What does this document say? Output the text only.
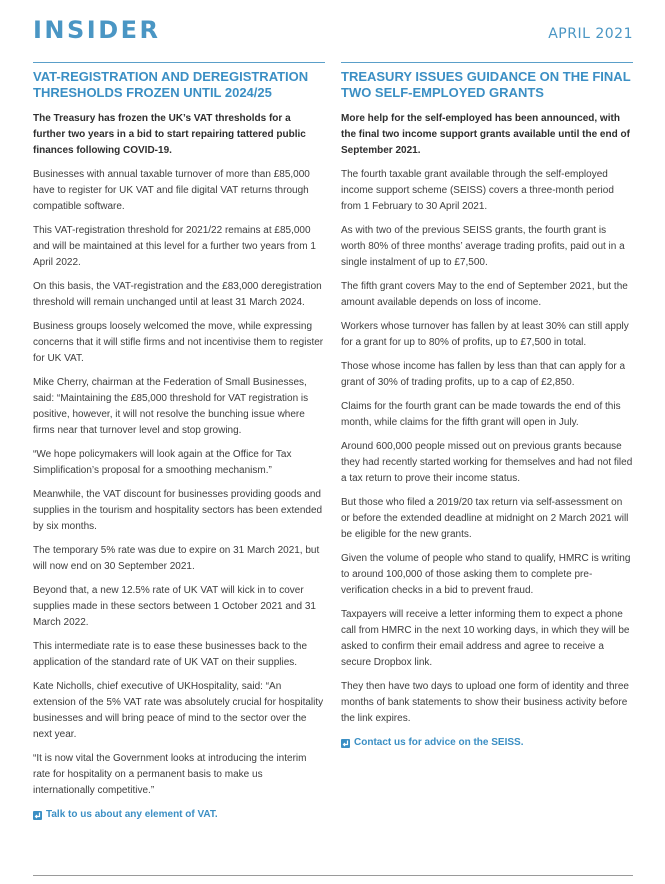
INSIDER	APRIL 2021
VAT-REGISTRATION AND DEREGISTRATION THRESHOLDS FROZEN UNTIL 2024/25

The Treasury has frozen the UK’s VAT thresholds for a further two years in a bid to start repairing tattered public finances following COVID-19.

Businesses with annual taxable turnover of more than £85,000 have to register for UK VAT and file digital VAT returns through compatible software.

This VAT-registration threshold for 2021/22 remains at £85,000 and will be maintained at this level for a further two years from 1 April 2022.

On this basis, the VAT-registration and the £83,000 deregistration threshold will remain unchanged until at least 31 March 2024.

Business groups loosely welcomed the move, while expressing concerns that it will stifle firms and not incentivise them to register for UK VAT.

Mike Cherry, chairman at the Federation of Small Businesses, said: “Maintaining the £85,000 threshold for VAT registration is positive, however, it will not resolve the bunching issue where firms near that turnover level and stop growing.

“We hope policymakers will look again at the Office for Tax Simplification’s proposal for a smoothing mechanism.”

Meanwhile, the VAT discount for businesses providing goods and supplies in the tourism and hospitality sectors has been extended by six months.

The temporary 5% rate was due to expire on 31 March 2021, but will now end on 30 September 2021.

Beyond that, a new 12.5% rate of UK VAT will kick in to cover supplies made in these sectors between 1 October 2021 and 31 March 2022.

This intermediate rate is to ease these businesses back to the application of the standard rate of UK VAT on their supplies.

Kate Nicholls, chief executive of UKHospitality, said: “An extension of the 5% VAT rate was absolutely crucial for hospitality businesses and will bring peace of mind to the sector over the next year.

“It is now vital the Government looks at introducing the interim rate for hospitality on a permanent basis to make us internationally competitive.”

Talk to us about any element of VAT.
TREASURY ISSUES GUIDANCE ON THE FINAL TWO SELF-EMPLOYED GRANTS

More help for the self-employed has been announced, with the final two income support grants available until the end of September 2021.

The fourth taxable grant available through the self-employed income support scheme (SEISS) covers a three-month period from 1 February to 30 April 2021.

As with two of the previous SEISS grants, the fourth grant is worth 80% of three months’ average trading profits, paid out in a single instalment of up to £7,500.

The fifth grant covers May to the end of September 2021, but the amount available depends on loss of income.

Workers whose turnover has fallen by at least 30% can still apply for a grant for up to 80% of profits, up to £7,500 in total.

Those whose income has fallen by less than that can apply for a grant of 30% of trading profits, up to a cap of £2,850.

Claims for the fourth grant can be made towards the end of this month, while claims for the fifth grant will open in July.

Around 600,000 people missed out on previous grants because they had recently started working for themselves and had not filed a tax return to prove their income status.

But those who filed a 2019/20 tax return via self-assessment on or before the extended deadline at midnight on 2 March 2021 will be eligible for the new grants.

Given the volume of people who stand to qualify, HMRC is writing to around 100,000 of those asking them to complete pre-verification checks in a bid to prevent fraud.

Taxpayers will receive a letter informing them to expect a phone call from HMRC in the next 10 working days, in which they will be asked to confirm their email address and agree to receive a secure Dropbox link.

They then have two days to upload one form of identity and three months of bank statements to show their business activity before the link expires.

Contact us for advice on the SEISS.
